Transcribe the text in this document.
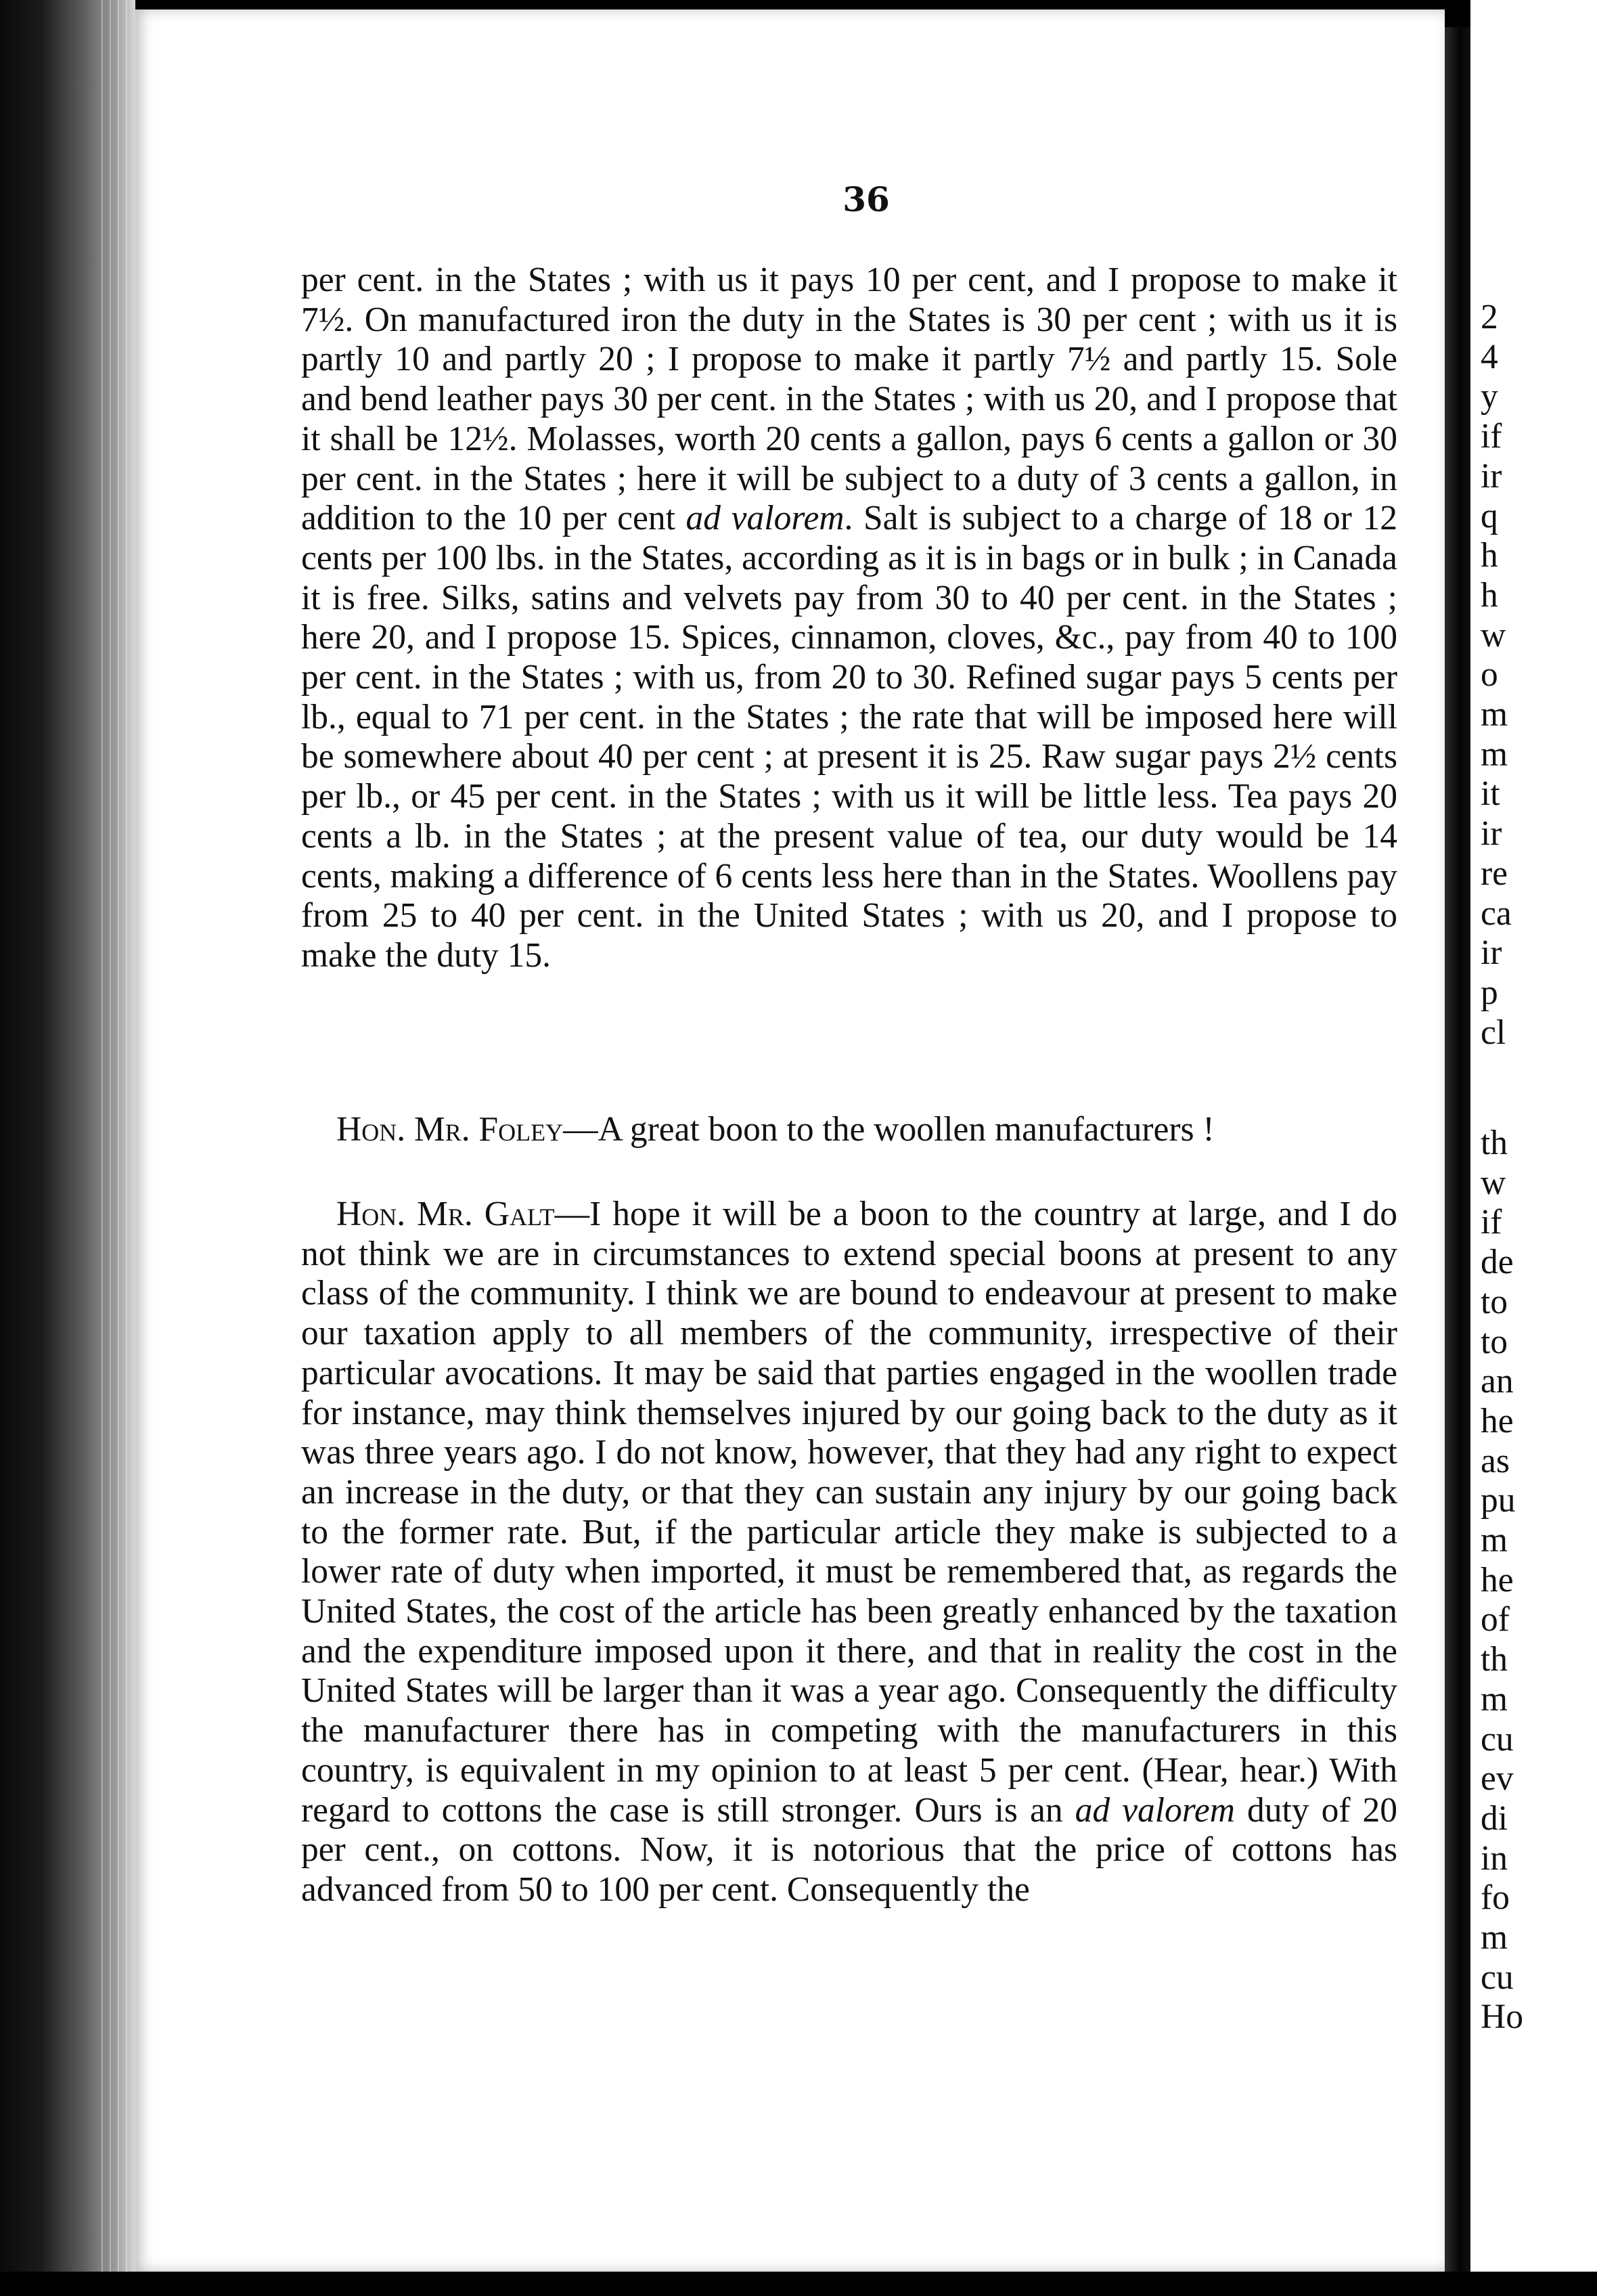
36

per cent. in the States ; with us it pays 10 per cent, and I propose to make it 7½. On manufactured iron the duty in the States is 30 per cent ; with us it is partly 10 and partly 20 ; I propose to make it partly 7½ and partly 15. Sole and bend leather pays 30 per cent. in the States ; with us 20, and I propose that it shall be 12½. Molasses, worth 20 cents a gallon, pays 6 cents a gallon or 30 per cent. in the States ; here it will be subject to a duty of 3 cents a gallon, in addition to the 10 per cent ad valorem. Salt is subject to a charge of 18 or 12 cents per 100 lbs. in the States, according as it is in bags or in bulk ; in Canada it is free. Silks, satins and velvets pay from 30 to 40 per cent. in the States ; here 20, and I propose 15. Spices, cinnamon, cloves, &c., pay from 40 to 100 per cent. in the States ; with us, from 20 to 30. Refined sugar pays 5 cents per lb., equal to 71 per cent. in the States ; the rate that will be imposed here will be somewhere about 40 per cent ; at present it is 25. Raw sugar pays 2½ cents per lb., or 45 per cent. in the States ; with us it will be little less. Tea pays 20 cents a lb. in the States ; at the present value of tea, our duty would be 14 cents, making a difference of 6 cents less here than in the States. Woollens pay from 25 to 40 per cent. in the United States ; with us 20, and I propose to make the duty 15.

Hon. Mr. Foley—A great boon to the woollen manufacturers !

Hon. Mr. Galt—I hope it will be a boon to the country at large, and I do not think we are in circumstances to extend special boons at present to any class of the community. I think we are bound to endeavour at present to make our taxation apply to all members of the community, irrespective of their particular avocations. It may be said that parties engaged in the woollen trade for instance, may think themselves injured by our going back to the duty as it was three years ago. I do not know, however, that they had any right to expect an increase in the duty, or that they can sustain any injury by our going back to the former rate. But, if the particular article they make is subjected to a lower rate of duty when imported, it must be remembered that, as regards the United States, the cost of the article has been greatly enhanced by the taxation and the expenditure imposed upon it there, and that in reality the cost in the United States will be larger than it was a year ago. Consequently the difficulty the manufacturer there has in competing with the manufacturers in this country, is equivalent in my opinion to at least 5 per cent. (Hear, hear.) With regard to cottons the case is still stronger. Ours is an ad valorem duty of 20 per cent., on cottons. Now, it is notorious that the price of cottons has advanced from 50 to 100 per cent. Consequently the

2
4
y
if
ir
q
h
h
w
o
m
m
it
ir
re
ca
ir
p
cl
th
w
if
de
to
to
an
he
as
pu
m
he
of
th
m
cu
ev
di
in
fo
m
cu
Ho
